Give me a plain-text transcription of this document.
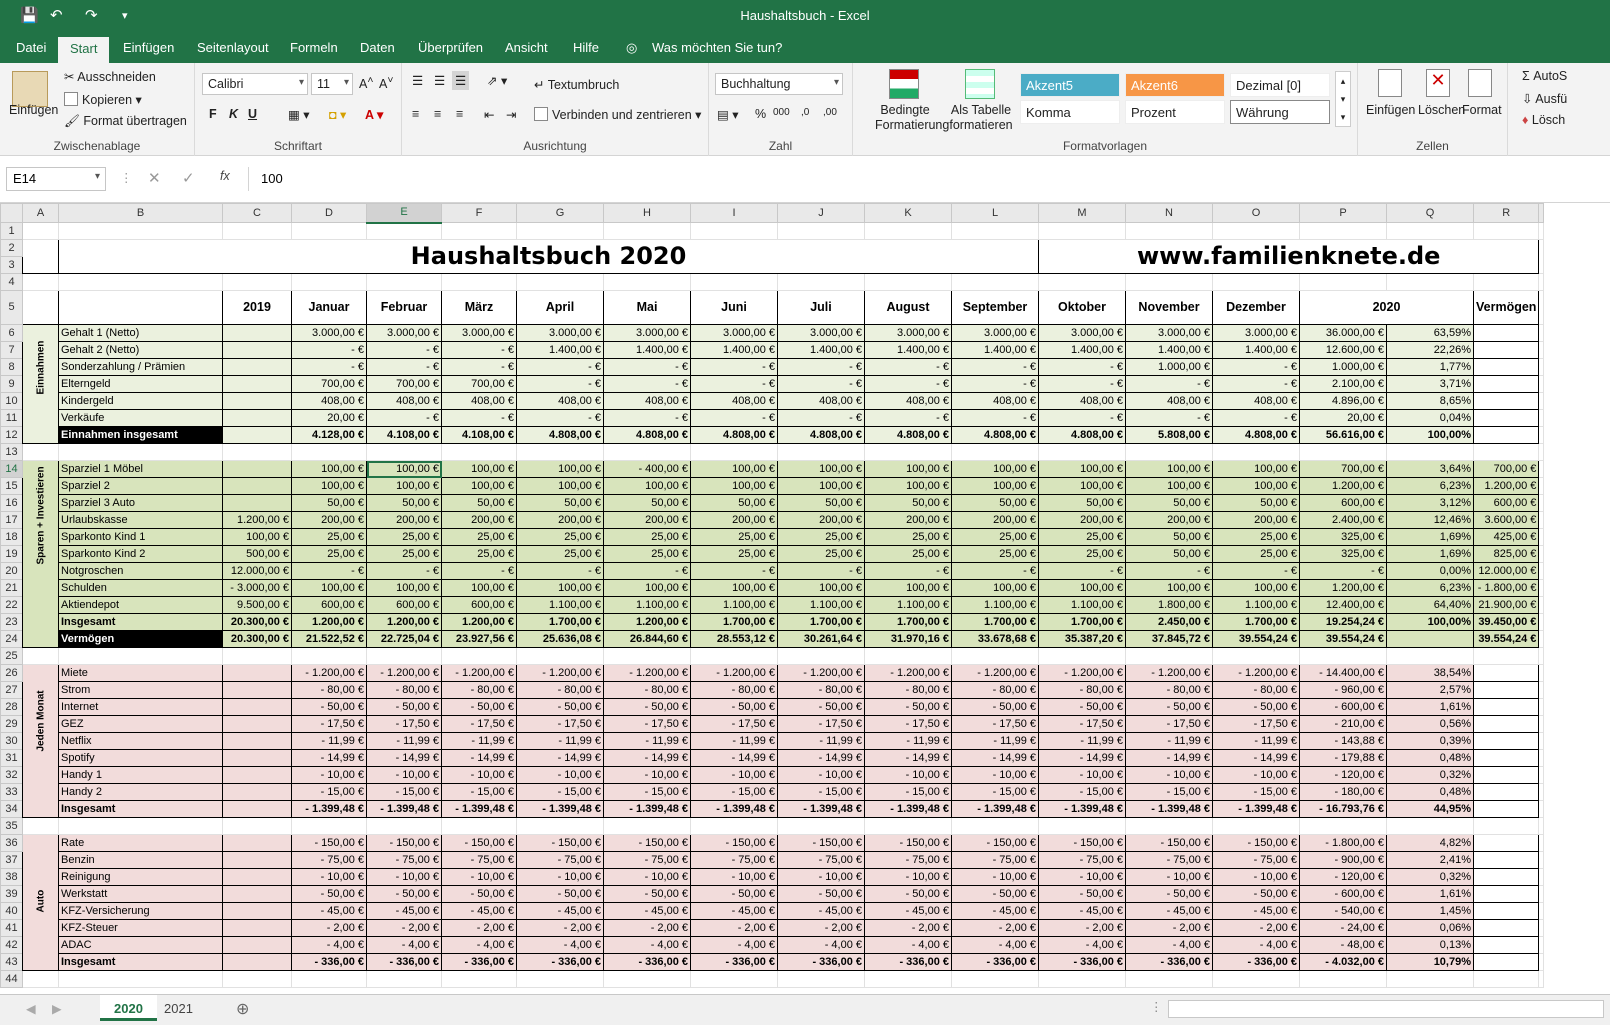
💾 ↶ ↷ ▾	Haushaltsbuch - Excel
Datei	Start	Einfügen Seitenlayout Formeln Daten Überprüfen Ansicht Hilfe ◎ Was möchten Sie tun?
Einfügen
✂ Ausschneiden
Kopieren ▾
🖌 Format übertragen
Zwischenablage
Calibri ▾	11 ▾	A˄ A˅
F K U ▦ ▾ ◘ ▾ A ▾
Schriftart
☰ ☰ ☰ ⇗ ▾
≡ ≡ ≡ ⇤ ⇥
↵ Textumbruch
Verbinden und zentrieren ▾
Ausrichtung
Buchhaltung ▾
▤ ▾ % 000 ,0 ,00
Zahl
Bedingte Formatierung
Als Tabelle formatieren
Akzent5	Akzent6	Dezimal [0]
Komma	Prozent	Währung
▴
▾
▾
Formatvorlagen
Einfügen
✕
Löschen
Format
Zellen
Σ AutoS
⇩ Ausfü
♦ Lösch
E14 ▾	⋮ ✕ ✓ fx	100
	A	B	C	D	E	F	G	H	I	J	K	L	M	N	O	P	Q	R	
1																			
2		Haushaltsbuch 2020											www.familienknete.de						
3																			
4																			
5			2019	Januar	Februar	März	April	Mai	Juni	Juli	August	September	Oktober	November	Dezember	2020		Vermögen	
6	Einnahmen	Gehalt 1 (Netto)		3.000,00 €	3.000,00 €	3.000,00 €	3.000,00 €	3.000,00 €	3.000,00 €	3.000,00 €	3.000,00 €	3.000,00 €	3.000,00 €	3.000,00 €	3.000,00 €	36.000,00 €	63,59%		
7		Gehalt 2 (Netto)		- €	- €	- €	1.400,00 €	1.400,00 €	1.400,00 €	1.400,00 €	1.400,00 €	1.400,00 €	1.400,00 €	1.400,00 €	1.400,00 €	12.600,00 €	22,26%		
8		Sonderzahlung / Prämien		- €	- €	- €	- €	- €	- €	- €	- €	- €	- €	1.000,00 €	- €	1.000,00 €	1,77%		
9		Elterngeld		700,00 €	700,00 €	700,00 €	- €	- €	- €	- €	- €	- €	- €	- €	- €	2.100,00 €	3,71%		
10		Kindergeld		408,00 €	408,00 €	408,00 €	408,00 €	408,00 €	408,00 €	408,00 €	408,00 €	408,00 €	408,00 €	408,00 €	408,00 €	4.896,00 €	8,65%		
11		Verkäufe		20,00 €	- €	- €	- €	- €	- €	- €	- €	- €	- €	- €	- €	20,00 €	0,04%		
12		Einnahmen insgesamt		4.128,00 €	4.108,00 €	4.108,00 €	4.808,00 €	4.808,00 €	4.808,00 €	4.808,00 €	4.808,00 €	4.808,00 €	4.808,00 €	5.808,00 €	4.808,00 €	56.616,00 €	100,00%		
13																			
14	Sparen + Investieren	Sparziel 1 Möbel		100,00 €	100,00 €	100,00 €	100,00 €	- 400,00 €	100,00 €	100,00 €	100,00 €	100,00 €	100,00 €	100,00 €	100,00 €	700,00 €	3,64%	700,00 €	
15		Sparziel 2		100,00 €	100,00 €	100,00 €	100,00 €	100,00 €	100,00 €	100,00 €	100,00 €	100,00 €	100,00 €	100,00 €	100,00 €	1.200,00 €	6,23%	1.200,00 €	
16		Sparziel 3 Auto		50,00 €	50,00 €	50,00 €	50,00 €	50,00 €	50,00 €	50,00 €	50,00 €	50,00 €	50,00 €	50,00 €	50,00 €	600,00 €	3,12%	600,00 €	
17		Urlaubskasse	1.200,00 €	200,00 €	200,00 €	200,00 €	200,00 €	200,00 €	200,00 €	200,00 €	200,00 €	200,00 €	200,00 €	200,00 €	200,00 €	2.400,00 €	12,46%	3.600,00 €	
18		Sparkonto Kind 1	100,00 €	25,00 €	25,00 €	25,00 €	25,00 €	25,00 €	25,00 €	25,00 €	25,00 €	25,00 €	25,00 €	50,00 €	25,00 €	325,00 €	1,69%	425,00 €	
19		Sparkonto Kind 2	500,00 €	25,00 €	25,00 €	25,00 €	25,00 €	25,00 €	25,00 €	25,00 €	25,00 €	25,00 €	25,00 €	50,00 €	25,00 €	325,00 €	1,69%	825,00 €	
20		Notgroschen	12.000,00 €	- €	- €	- €	- €	- €	- €	- €	- €	- €	- €	- €	- €	- €	0,00%	12.000,00 €	
21		Schulden	- 3.000,00 €	100,00 €	100,00 €	100,00 €	100,00 €	100,00 €	100,00 €	100,00 €	100,00 €	100,00 €	100,00 €	100,00 €	100,00 €	1.200,00 €	6,23%	- 1.800,00 €	
22		Aktiendepot	9.500,00 €	600,00 €	600,00 €	600,00 €	1.100,00 €	1.100,00 €	1.100,00 €	1.100,00 €	1.100,00 €	1.100,00 €	1.100,00 €	1.800,00 €	1.100,00 €	12.400,00 €	64,40%	21.900,00 €	
23		Insgesamt	20.300,00 €	1.200,00 €	1.200,00 €	1.200,00 €	1.700,00 €	1.200,00 €	1.700,00 €	1.700,00 €	1.700,00 €	1.700,00 €	1.700,00 €	2.450,00 €	1.700,00 €	19.254,24 €	100,00%	39.450,00 €	
24		Vermögen	20.300,00 €	21.522,52 €	22.725,04 €	23.927,56 €	25.636,08 €	26.844,60 €	28.553,12 €	30.261,64 €	31.970,16 €	33.678,68 €	35.387,20 €	37.845,72 €	39.554,24 €	39.554,24 €		39.554,24 €	
25																			
26	Jeden Monat	Miete		- 1.200,00 €	- 1.200,00 €	- 1.200,00 €	- 1.200,00 €	- 1.200,00 €	- 1.200,00 €	- 1.200,00 €	- 1.200,00 €	- 1.200,00 €	- 1.200,00 €	- 1.200,00 €	- 1.200,00 €	- 14.400,00 €	38,54%		
27		Strom		- 80,00 €	- 80,00 €	- 80,00 €	- 80,00 €	- 80,00 €	- 80,00 €	- 80,00 €	- 80,00 €	- 80,00 €	- 80,00 €	- 80,00 €	- 80,00 €	- 960,00 €	2,57%		
28		Internet		- 50,00 €	- 50,00 €	- 50,00 €	- 50,00 €	- 50,00 €	- 50,00 €	- 50,00 €	- 50,00 €	- 50,00 €	- 50,00 €	- 50,00 €	- 50,00 €	- 600,00 €	1,61%		
29		GEZ		- 17,50 €	- 17,50 €	- 17,50 €	- 17,50 €	- 17,50 €	- 17,50 €	- 17,50 €	- 17,50 €	- 17,50 €	- 17,50 €	- 17,50 €	- 17,50 €	- 210,00 €	0,56%		
30		Netflix		- 11,99 €	- 11,99 €	- 11,99 €	- 11,99 €	- 11,99 €	- 11,99 €	- 11,99 €	- 11,99 €	- 11,99 €	- 11,99 €	- 11,99 €	- 11,99 €	- 143,88 €	0,39%		
31		Spotify		- 14,99 €	- 14,99 €	- 14,99 €	- 14,99 €	- 14,99 €	- 14,99 €	- 14,99 €	- 14,99 €	- 14,99 €	- 14,99 €	- 14,99 €	- 14,99 €	- 179,88 €	0,48%		
32		Handy 1		- 10,00 €	- 10,00 €	- 10,00 €	- 10,00 €	- 10,00 €	- 10,00 €	- 10,00 €	- 10,00 €	- 10,00 €	- 10,00 €	- 10,00 €	- 10,00 €	- 120,00 €	0,32%		
33		Handy 2		- 15,00 €	- 15,00 €	- 15,00 €	- 15,00 €	- 15,00 €	- 15,00 €	- 15,00 €	- 15,00 €	- 15,00 €	- 15,00 €	- 15,00 €	- 15,00 €	- 180,00 €	0,48%		
34		Insgesamt		- 1.399,48 €	- 1.399,48 €	- 1.399,48 €	- 1.399,48 €	- 1.399,48 €	- 1.399,48 €	- 1.399,48 €	- 1.399,48 €	- 1.399,48 €	- 1.399,48 €	- 1.399,48 €	- 1.399,48 €	- 16.793,76 €	44,95%		
35																			
36	Auto	Rate		- 150,00 €	- 150,00 €	- 150,00 €	- 150,00 €	- 150,00 €	- 150,00 €	- 150,00 €	- 150,00 €	- 150,00 €	- 150,00 €	- 150,00 €	- 150,00 €	- 1.800,00 €	4,82%		
37		Benzin		- 75,00 €	- 75,00 €	- 75,00 €	- 75,00 €	- 75,00 €	- 75,00 €	- 75,00 €	- 75,00 €	- 75,00 €	- 75,00 €	- 75,00 €	- 75,00 €	- 900,00 €	2,41%		
38		Reinigung		- 10,00 €	- 10,00 €	- 10,00 €	- 10,00 €	- 10,00 €	- 10,00 €	- 10,00 €	- 10,00 €	- 10,00 €	- 10,00 €	- 10,00 €	- 10,00 €	- 120,00 €	0,32%		
39		Werkstatt		- 50,00 €	- 50,00 €	- 50,00 €	- 50,00 €	- 50,00 €	- 50,00 €	- 50,00 €	- 50,00 €	- 50,00 €	- 50,00 €	- 50,00 €	- 50,00 €	- 600,00 €	1,61%		
40		KFZ-Versicherung		- 45,00 €	- 45,00 €	- 45,00 €	- 45,00 €	- 45,00 €	- 45,00 €	- 45,00 €	- 45,00 €	- 45,00 €	- 45,00 €	- 45,00 €	- 45,00 €	- 540,00 €	1,45%		
41		KFZ-Steuer		- 2,00 €	- 2,00 €	- 2,00 €	- 2,00 €	- 2,00 €	- 2,00 €	- 2,00 €	- 2,00 €	- 2,00 €	- 2,00 €	- 2,00 €	- 2,00 €	- 24,00 €	0,06%		
42		ADAC		- 4,00 €	- 4,00 €	- 4,00 €	- 4,00 €	- 4,00 €	- 4,00 €	- 4,00 €	- 4,00 €	- 4,00 €	- 4,00 €	- 4,00 €	- 4,00 €	- 48,00 €	0,13%		
43		Insgesamt		- 336,00 €	- 336,00 €	- 336,00 €	- 336,00 €	- 336,00 €	- 336,00 €	- 336,00 €	- 336,00 €	- 336,00 €	- 336,00 €	- 336,00 €	- 336,00 €	- 4.032,00 €	10,79%		
44																			
◀ ▶	2020	2021	⊕	⋮
